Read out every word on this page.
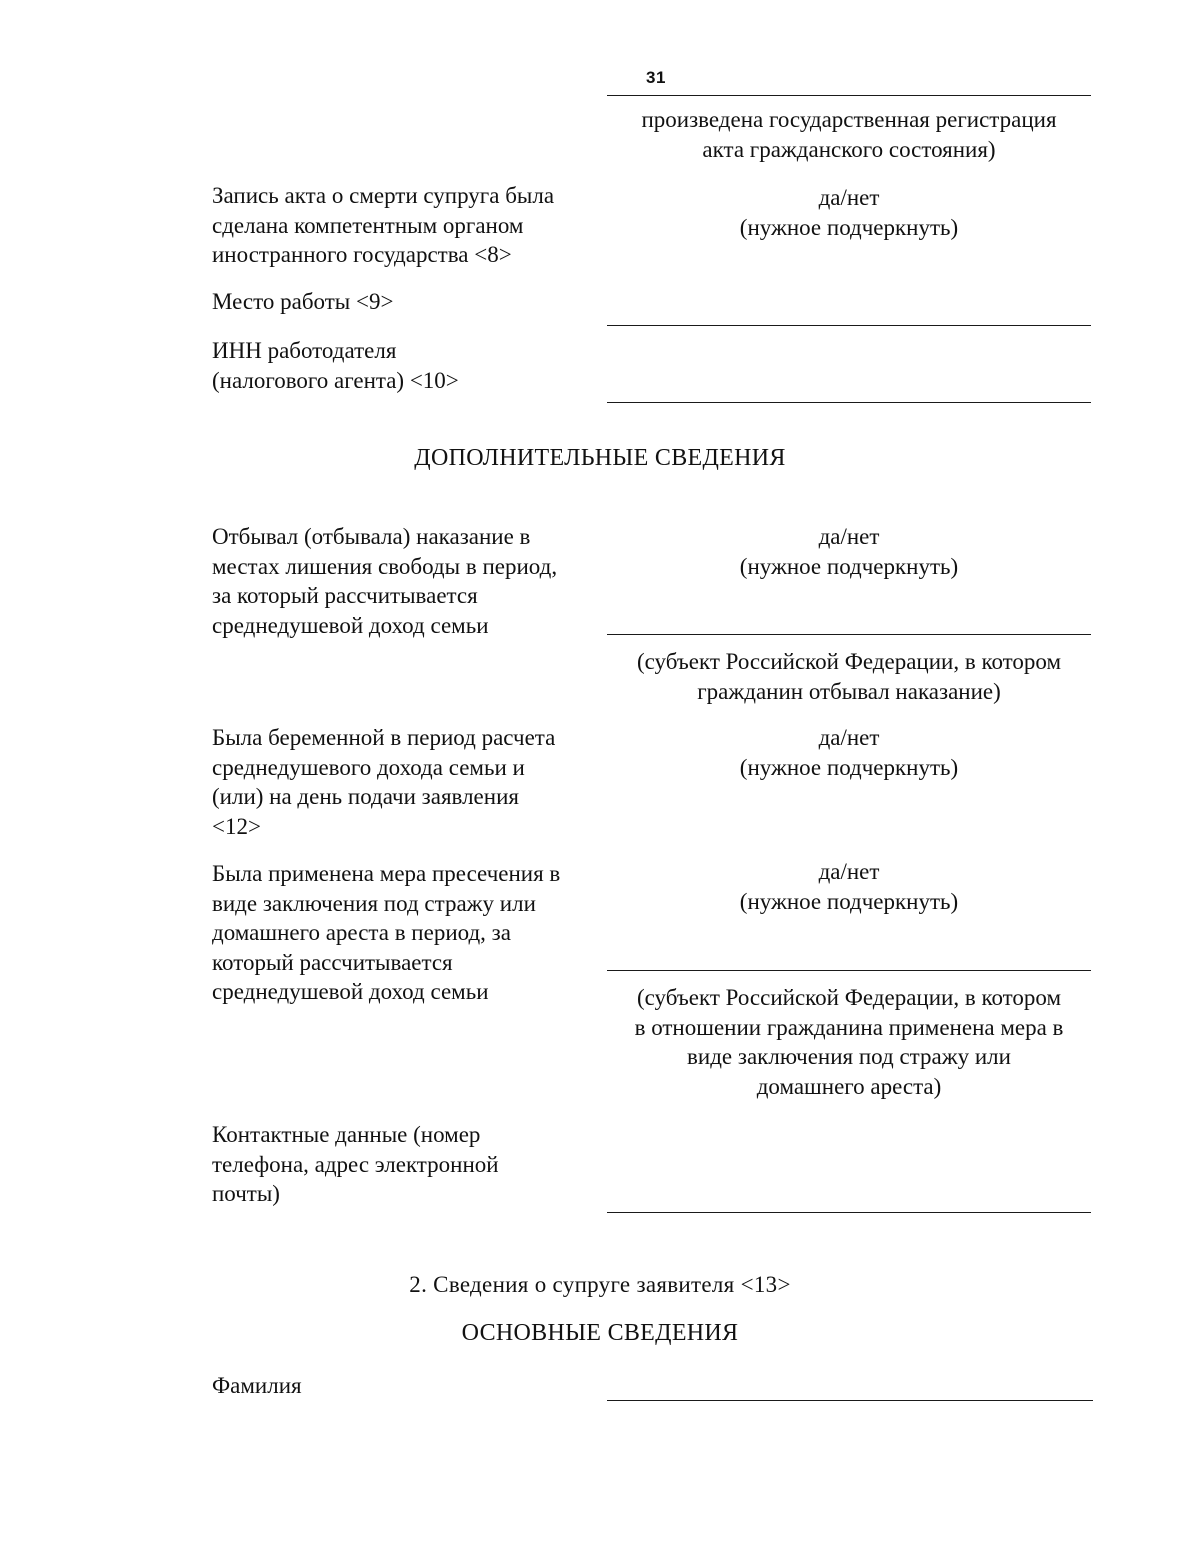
31
произведена государственная регистрация
акта гражданского состояния)
Запись акта о смерти супруга была
сделана компетентным органом
иностранного государства <8>
да/нет
(нужное подчеркнуть)
Место работы <9>
ИНН работодателя
(налогового агента) <10>
ДОПОЛНИТЕЛЬНЫЕ СВЕДЕНИЯ
Отбывал (отбывала) наказание в
местах лишения свободы в период,
за который рассчитывается
среднедушевой доход семьи
да/нет
(нужное подчеркнуть)
(субъект Российской Федерации, в котором
гражданин отбывал наказание)
Была беременной в период расчета
среднедушевого дохода семьи и
(или) на день подачи заявления
<12>
да/нет
(нужное подчеркнуть)
Была применена мера пресечения в
виде заключения под стражу или
домашнего ареста в период, за
который рассчитывается
среднедушевой доход семьи
да/нет
(нужное подчеркнуть)
(субъект Российской Федерации, в котором
в отношении гражданина применена мера в
виде заключения под стражу или
домашнего ареста)
Контактные данные (номер
телефона, адрес электронной
почты)
2. Сведения о супруге заявителя <13>
ОСНОВНЫЕ СВЕДЕНИЯ
Фамилия
